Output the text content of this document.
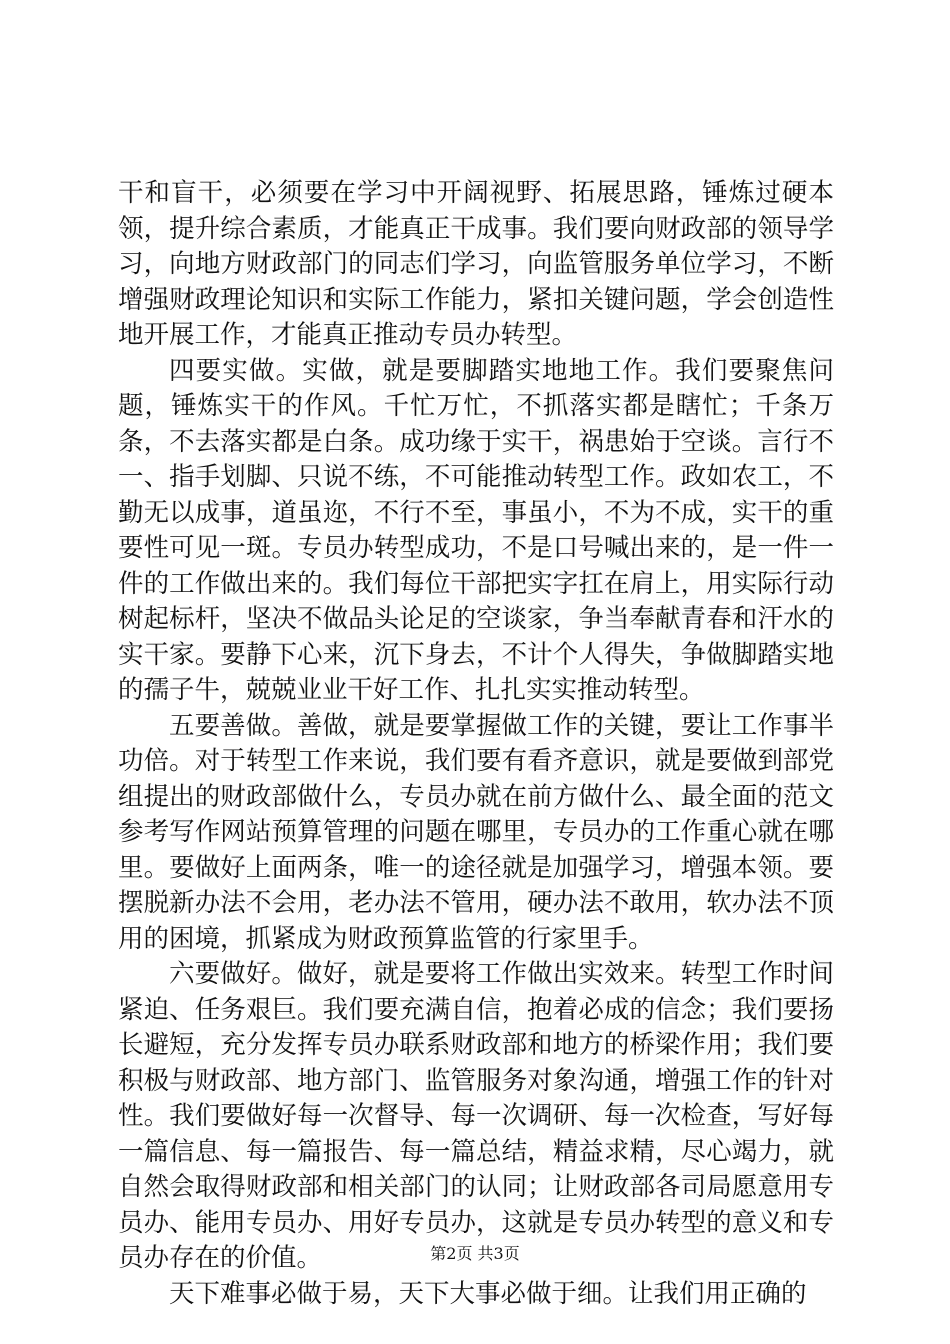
干和盲干，必须要在学习中开阔视野、拓展思路，锤炼过硬本领，提升综合素质，才能真正干成事。我们要向财政部的领导学习，向地方财政部门的同志们学习，向监管服务单位学习，不断增强财政理论知识和实际工作能力，紧扣关键问题，学会创造性地开展工作，才能真正推动专员办转型。

四要实做。实做，就是要脚踏实地地工作。我们要聚焦问题，锤炼实干的作风。千忙万忙，不抓落实都是瞎忙；千条万条，不去落实都是白条。成功缘于实干，祸患始于空谈。言行不一、指手划脚、只说不练，不可能推动转型工作。政如农工，不勤无以成事，道虽迩，不行不至，事虽小，不为不成，实干的重要性可见一斑。专员办转型成功，不是口号喊出来的，是一件一件的工作做出来的。我们每位干部把实字扛在肩上，用实际行动树起标杆，坚决不做品头论足的空谈家，争当奉献青春和汗水的实干家。要静下心来，沉下身去，不计个人得失，争做脚踏实地的孺子牛，兢兢业业干好工作、扎扎实实推动转型。

五要善做。善做，就是要掌握做工作的关键，要让工作事半功倍。对于转型工作来说，我们要有看齐意识，就是要做到部党组提出的财政部做什么，专员办就在前方做什么、最全面的范文参考写作网站预算管理的问题在哪里，专员办的工作重心就在哪里。要做好上面两条，唯一的途径就是加强学习，增强本领。要摆脱新办法不会用，老办法不管用，硬办法不敢用，软办法不顶用的困境，抓紧成为财政预算监管的行家里手。

六要做好。做好，就是要将工作做出实效来。转型工作时间紧迫、任务艰巨。我们要充满自信，抱着必成的信念；我们要扬长避短，充分发挥专员办联系财政部和地方的桥梁作用；我们要积极与财政部、地方部门、监管服务对象沟通，增强工作的针对性。我们要做好每一次督导、每一次调研、每一次检查，写好每一篇信息、每一篇报告、每一篇总结，精益求精，尽心竭力，就自然会取得财政部和相关部门的认同；让财政部各司局愿意用专员办、能用专员办、用好专员办，这就是专员办转型的意义和专员办存在的价值。

天下难事必做于易，天下大事必做于细。让我们用正确的

第2页 共3页
